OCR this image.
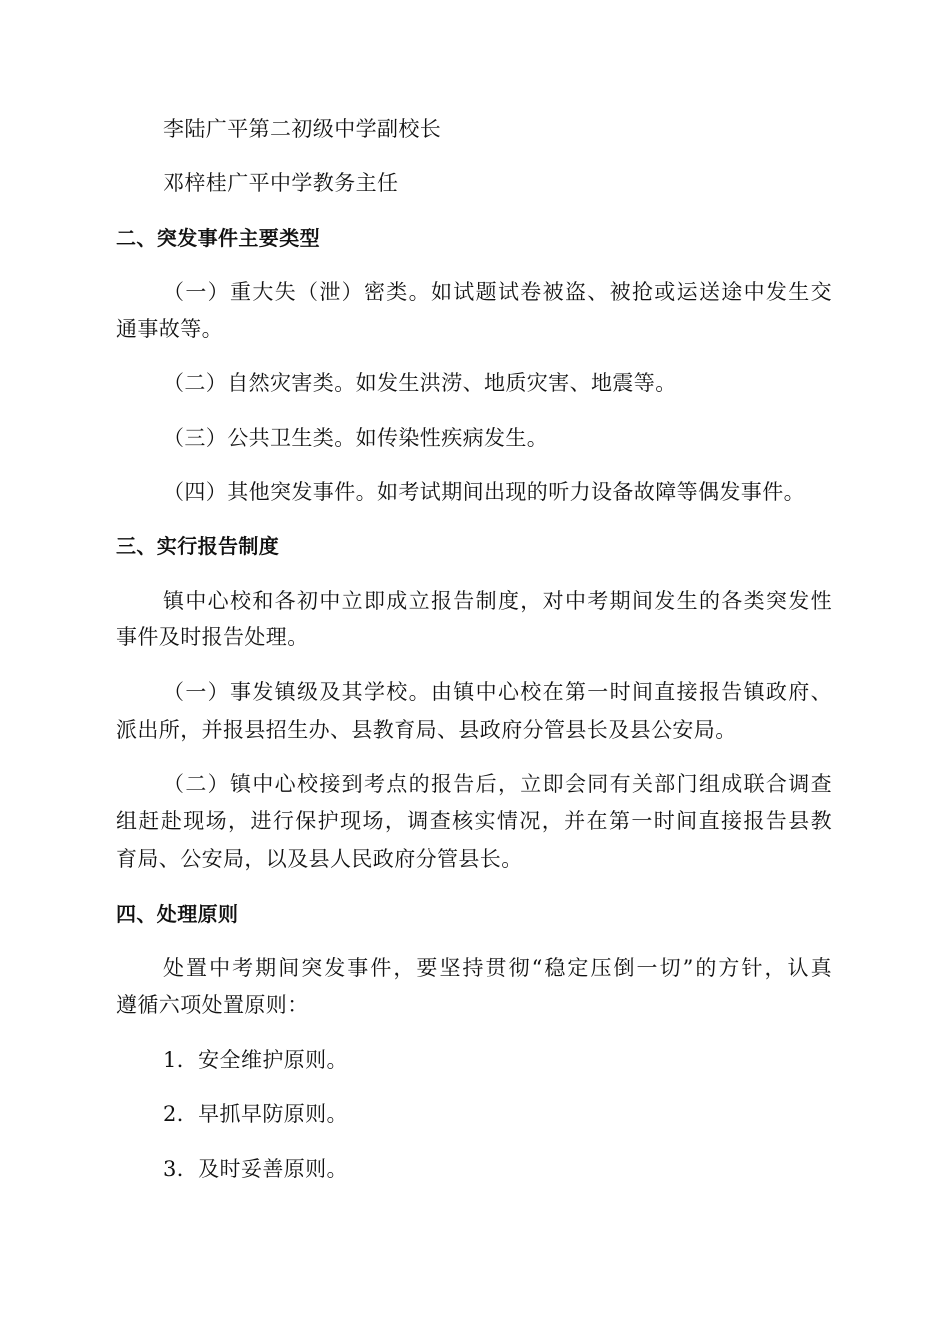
李陆广平第二初级中学副校长
邓梓桂广平中学教务主任
二、突发事件主要类型
（一）重大失（泄）密类。如试题试卷被盗、被抢或运送途中发生交
通事故等。
（二）自然灾害类。如发生洪涝、地质灾害、地震等。
（三）公共卫生类。如传染性疾病发生。
（四）其他突发事件。如考试期间出现的听力设备故障等偶发事件。
三、实行报告制度
镇中心校和各初中立即成立报告制度，对中考期间发生的各类突发性
事件及时报告处理。
（一）事发镇级及其学校。由镇中心校在第一时间直接报告镇政府、
派出所，并报县招生办、县教育局、县政府分管县长及县公安局。
（二）镇中心校接到考点的报告后，立即会同有关部门组成联合调查
组赶赴现场，进行保护现场，调查核实情况，并在第一时间直接报告县教
育局、公安局，以及县人民政府分管县长。
四、处理原则
处置中考期间突发事件，要坚持贯彻“稳定压倒一切”的方针，认真
遵循六项处置原则：
1．安全维护原则。
2．早抓早防原则。
3．及时妥善原则。
